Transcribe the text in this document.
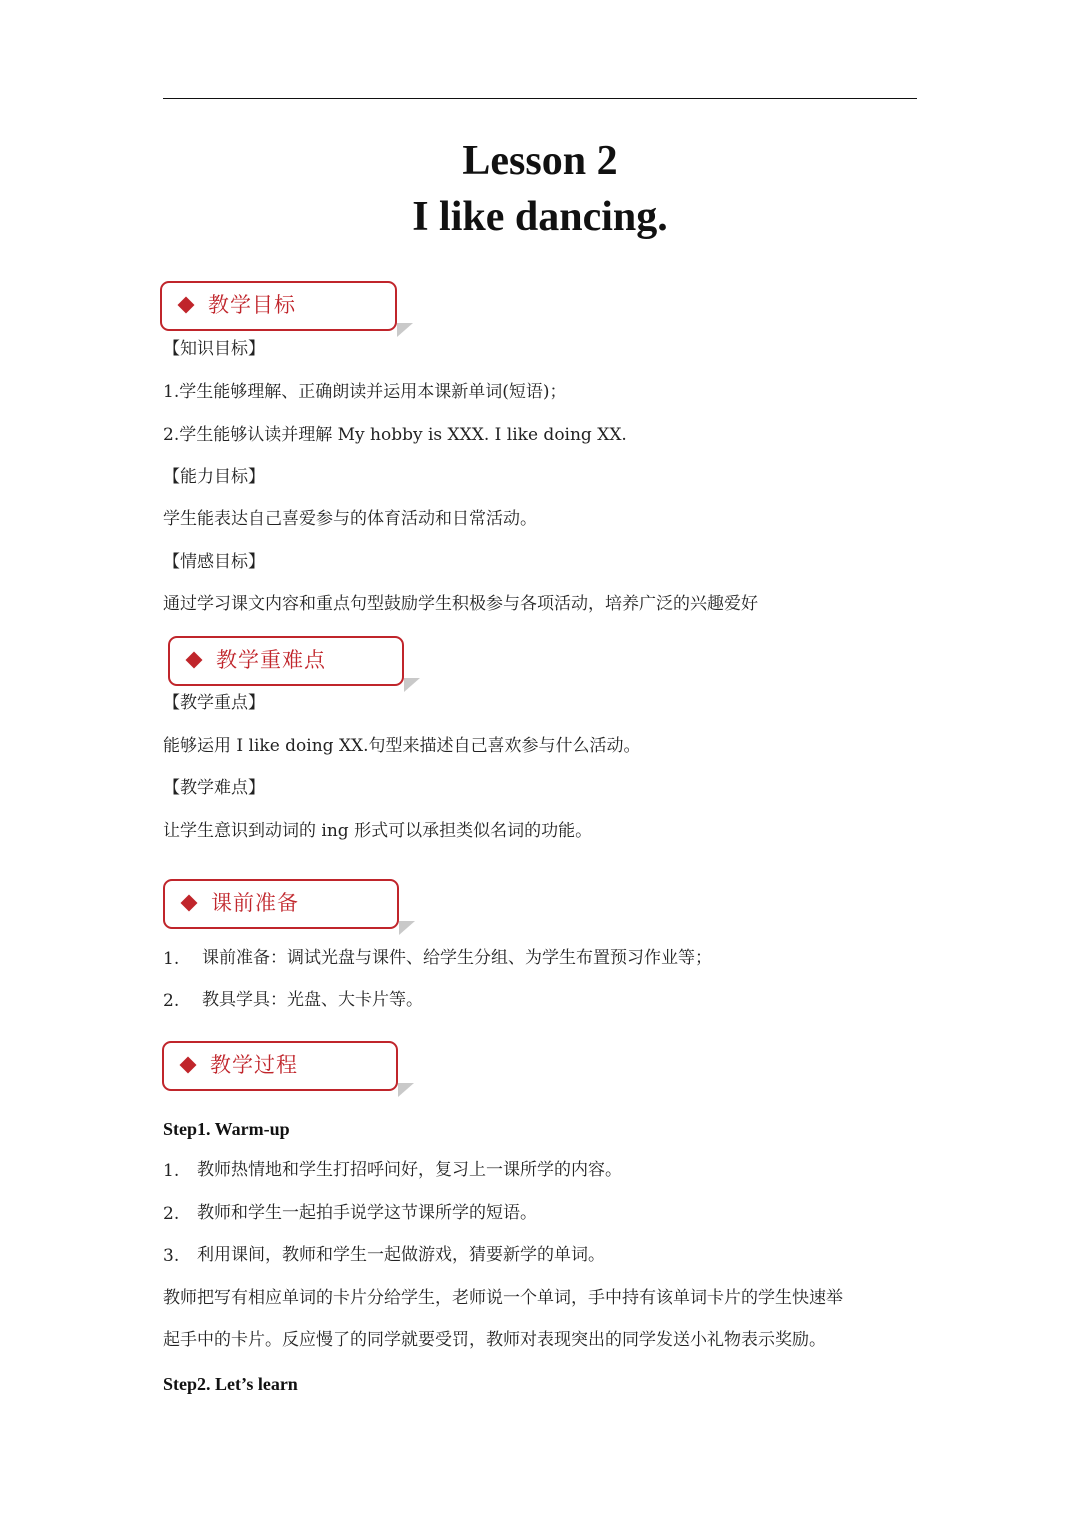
Lesson 2
I like dancing.
教学目标
【知识目标】
1.学生能够理解、正确朗读并运用本课新单词(短语)；
2.学生能够认读并理解 My hobby is XXX. I like doing XX.
【能力目标】
学生能表达自己喜爱参与的体育活动和日常活动。
【情感目标】
通过学习课文内容和重点句型鼓励学生积极参与各项活动，培养广泛的兴趣爱好
教学重难点
【教学重点】
能够运用 I like doing XX.句型来描述自己喜欢参与什么活动。
【教学难点】
让学生意识到动词的 ing 形式可以承担类似名词的功能。
课前准备
1. 课前准备：调试光盘与课件、给学生分组、为学生布置预习作业等；
2. 教具学具：光盘、大卡片等。
教学过程
Step1. Warm-up
1. 教师热情地和学生打招呼问好，复习上一课所学的内容。
2. 教师和学生一起拍手说学这节课所学的短语。
3. 利用课间，教师和学生一起做游戏，猜要新学的单词。
教师把写有相应单词的卡片分给学生，老师说一个单词，手中持有该单词卡片的学生快速举
起手中的卡片。反应慢了的同学就要受罚，教师对表现突出的同学发送小礼物表示奖励。
Step2. Let’s learn
